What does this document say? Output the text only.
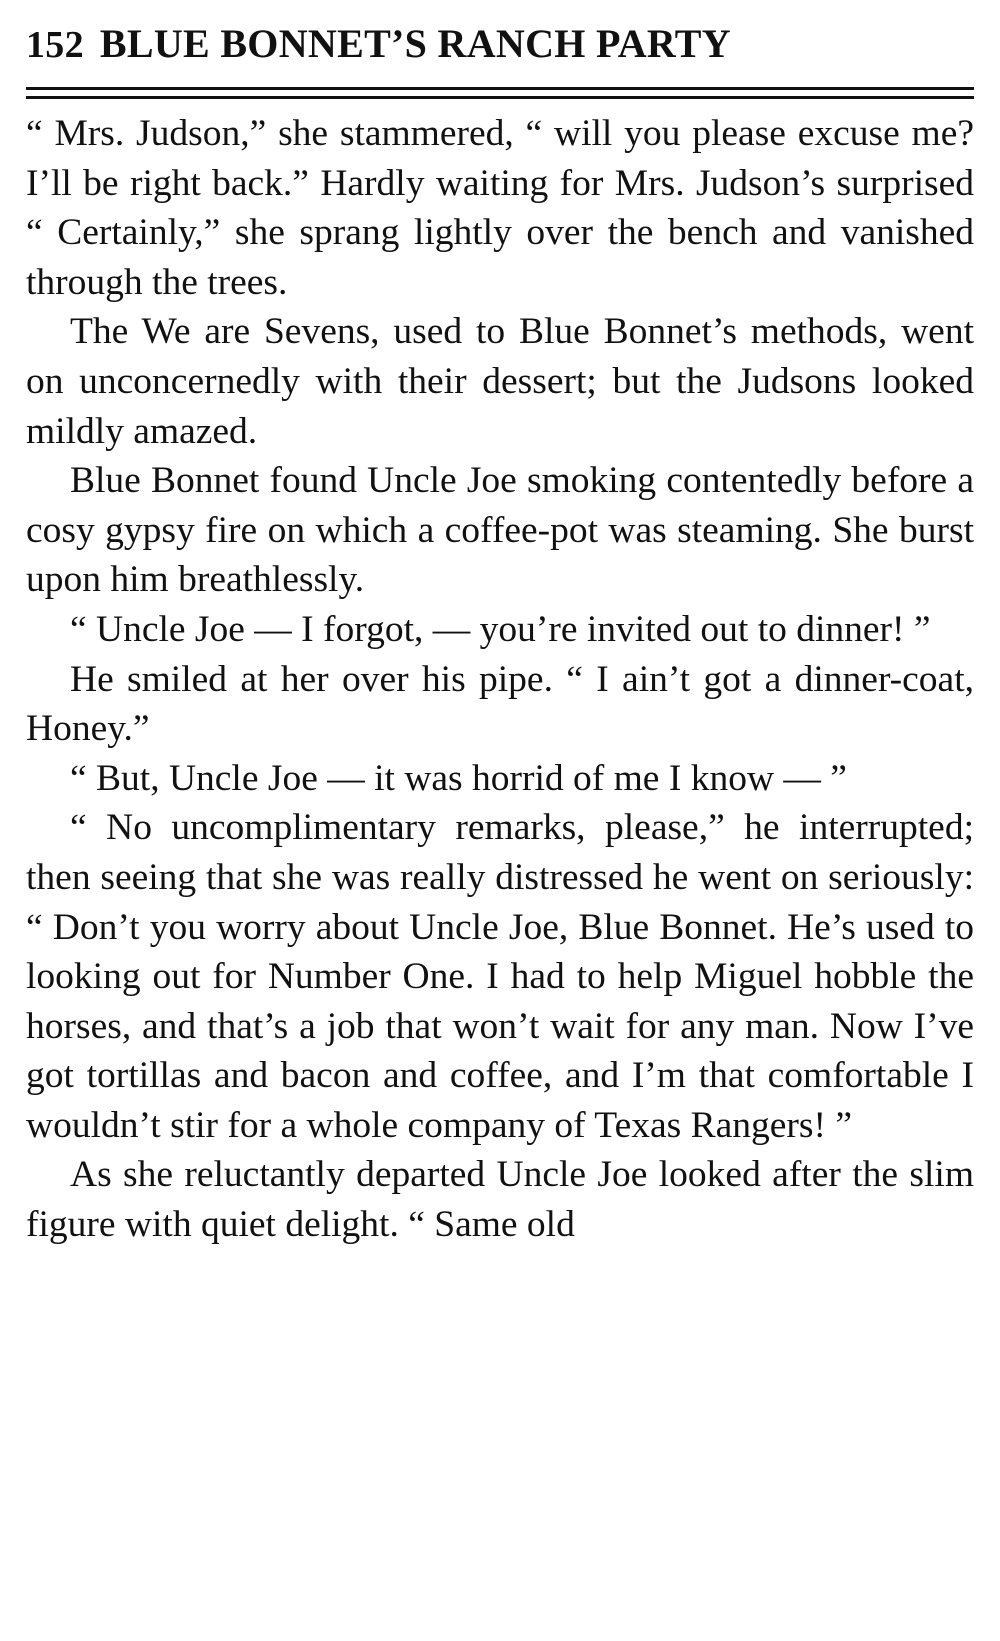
152 BLUE BONNET’S RANCH PARTY

“ Mrs. Judson,” she stammered, “ will you please excuse me? I’ll be right back.” Hardly waiting for Mrs. Judson’s surprised “ Certainly,” she sprang lightly over the bench and vanished through the trees.

The We are Sevens, used to Blue Bonnet’s methods, went on unconcernedly with their dessert; but the Judsons looked mildly amazed.

Blue Bonnet found Uncle Joe smoking contentedly before a cosy gypsy fire on which a coffee-pot was steaming. She burst upon him breathlessly.

“ Uncle Joe — I forgot, — you’re invited out to dinner! ”

He smiled at her over his pipe. “ I ain’t got a dinner-coat, Honey.”

“ But, Uncle Joe — it was horrid of me I know — ”

“ No uncomplimentary remarks, please,” he interrupted; then seeing that she was really distressed he went on seriously: “ Don’t you worry about Uncle Joe, Blue Bonnet. He’s used to looking out for Number One. I had to help Miguel hobble the horses, and that’s a job that won’t wait for any man. Now I’ve got tortillas and bacon and coffee, and I’m that comfortable I wouldn’t stir for a whole company of Texas Rangers! ”

As she reluctantly departed Uncle Joe looked after the slim figure with quiet delight. “ Same old
